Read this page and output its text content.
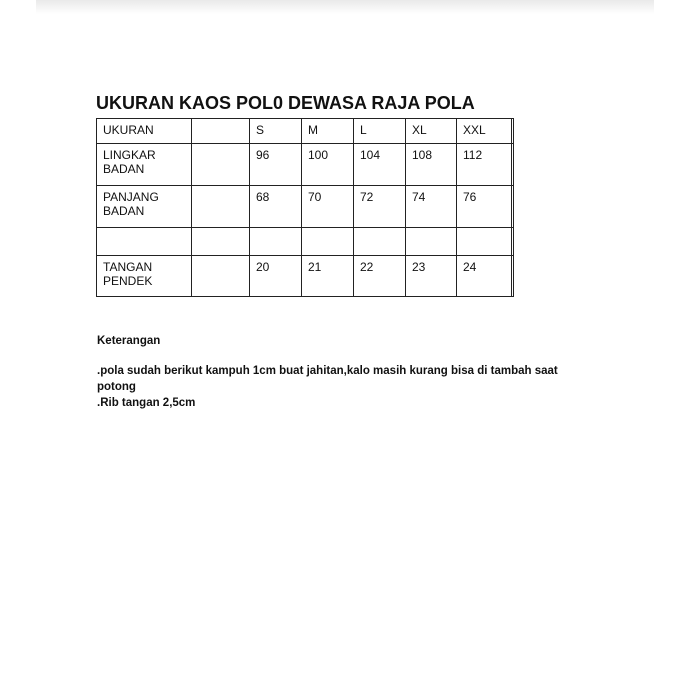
UKURAN KAOS POL0 DEWASA RAJA POLA
UKURAN		S	M	L	XL	XXL	
LINGKAR BADAN		96	100	104	108	112	
PANJANG BADAN		68	70	72	74	76	

TANGAN PENDEK		20	21	22	23	24	
Keterangan
.pola sudah berikut kampuh 1cm buat jahitan,kalo masih kurang bisa di tambah saat
potong
.Rib tangan 2,5cm
